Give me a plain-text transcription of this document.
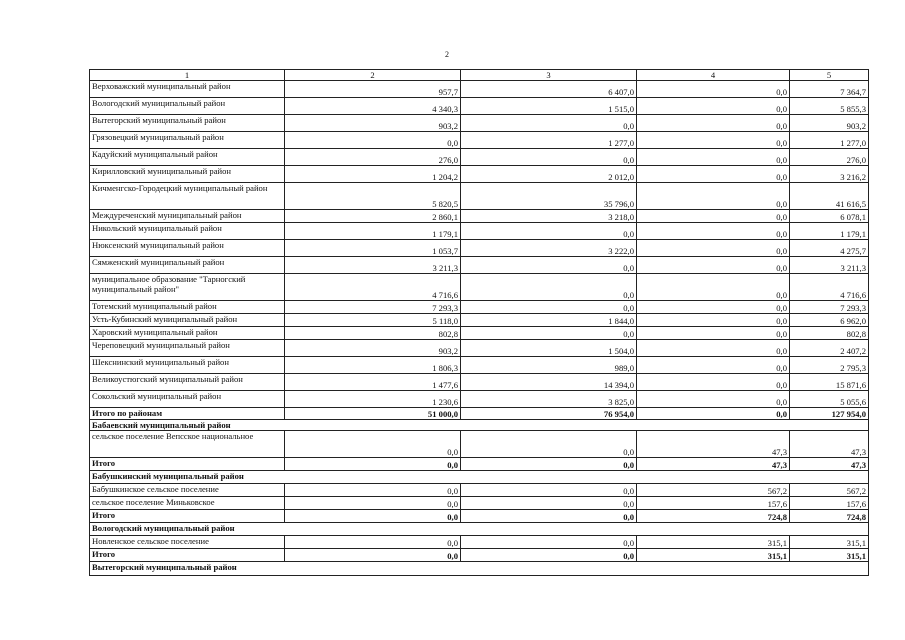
2
1	2	3	4	5
Верховажский муниципальный район	957,7	6 407,0	0,0	7 364,7
Вологодский муниципальный район	4 340,3	1 515,0	0,0	5 855,3
Вытегорский муниципальный район	903,2	0,0	0,0	903,2
Грязовецкий муниципальный район	0,0	1 277,0	0,0	1 277,0
Кадуйский муниципальный район	276,0	0,0	0,0	276,0
Кирилловский муниципальный район	1 204,2	2 012,0	0,0	3 216,2
Кичменгско-Городецкий муниципальный район	5 820,5	35 796,0	0,0	41 616,5
Междуреченский муниципальный район	2 860,1	3 218,0	0,0	6 078,1
Никольский муниципальный район	1 179,1	0,0	0,0	1 179,1
Нюксенский муниципальный район	1 053,7	3 222,0	0,0	4 275,7
Сямженский муниципальный район	3 211,3	0,0	0,0	3 211,3
муниципальное образование "Тарногский муниципальный район"	4 716,6	0,0	0,0	4 716,6
Тотемский муниципальный район	7 293,3	0,0	0,0	7 293,3
Усть-Кубинский муниципальный район	5 118,0	1 844,0	0,0	6 962,0
Харовский муниципальный район	802,8	0,0	0,0	802,8
Череповецкий муниципальный район	903,2	1 504,0	0,0	2 407,2
Шекснинский муниципальный район	1 806,3	989,0	0,0	2 795,3
Великоустюгский муниципальный район	1 477,6	14 394,0	0,0	15 871,6
Сокольский муниципальный район	1 230,6	3 825,0	0,0	5 055,6
Итого по районам	51 000,0	76 954,0	0,0	127 954,0
Бабаевский муниципальный район				
сельское поселение Вепсское национальное	0,0	0,0	47,3	47,3
Итого	0,0	0,0	47,3	47,3
Бабушкинский муниципальный район				
Бабушкинское сельское поселение	0,0	0,0	567,2	567,2
сельское поселение Миньковское	0,0	0,0	157,6	157,6
Итого	0,0	0,0	724,8	724,8
Вологодский муниципальный район				
Новленское сельское поселение	0,0	0,0	315,1	315,1
Итого	0,0	0,0	315,1	315,1
Вытегорский муниципальный район				
